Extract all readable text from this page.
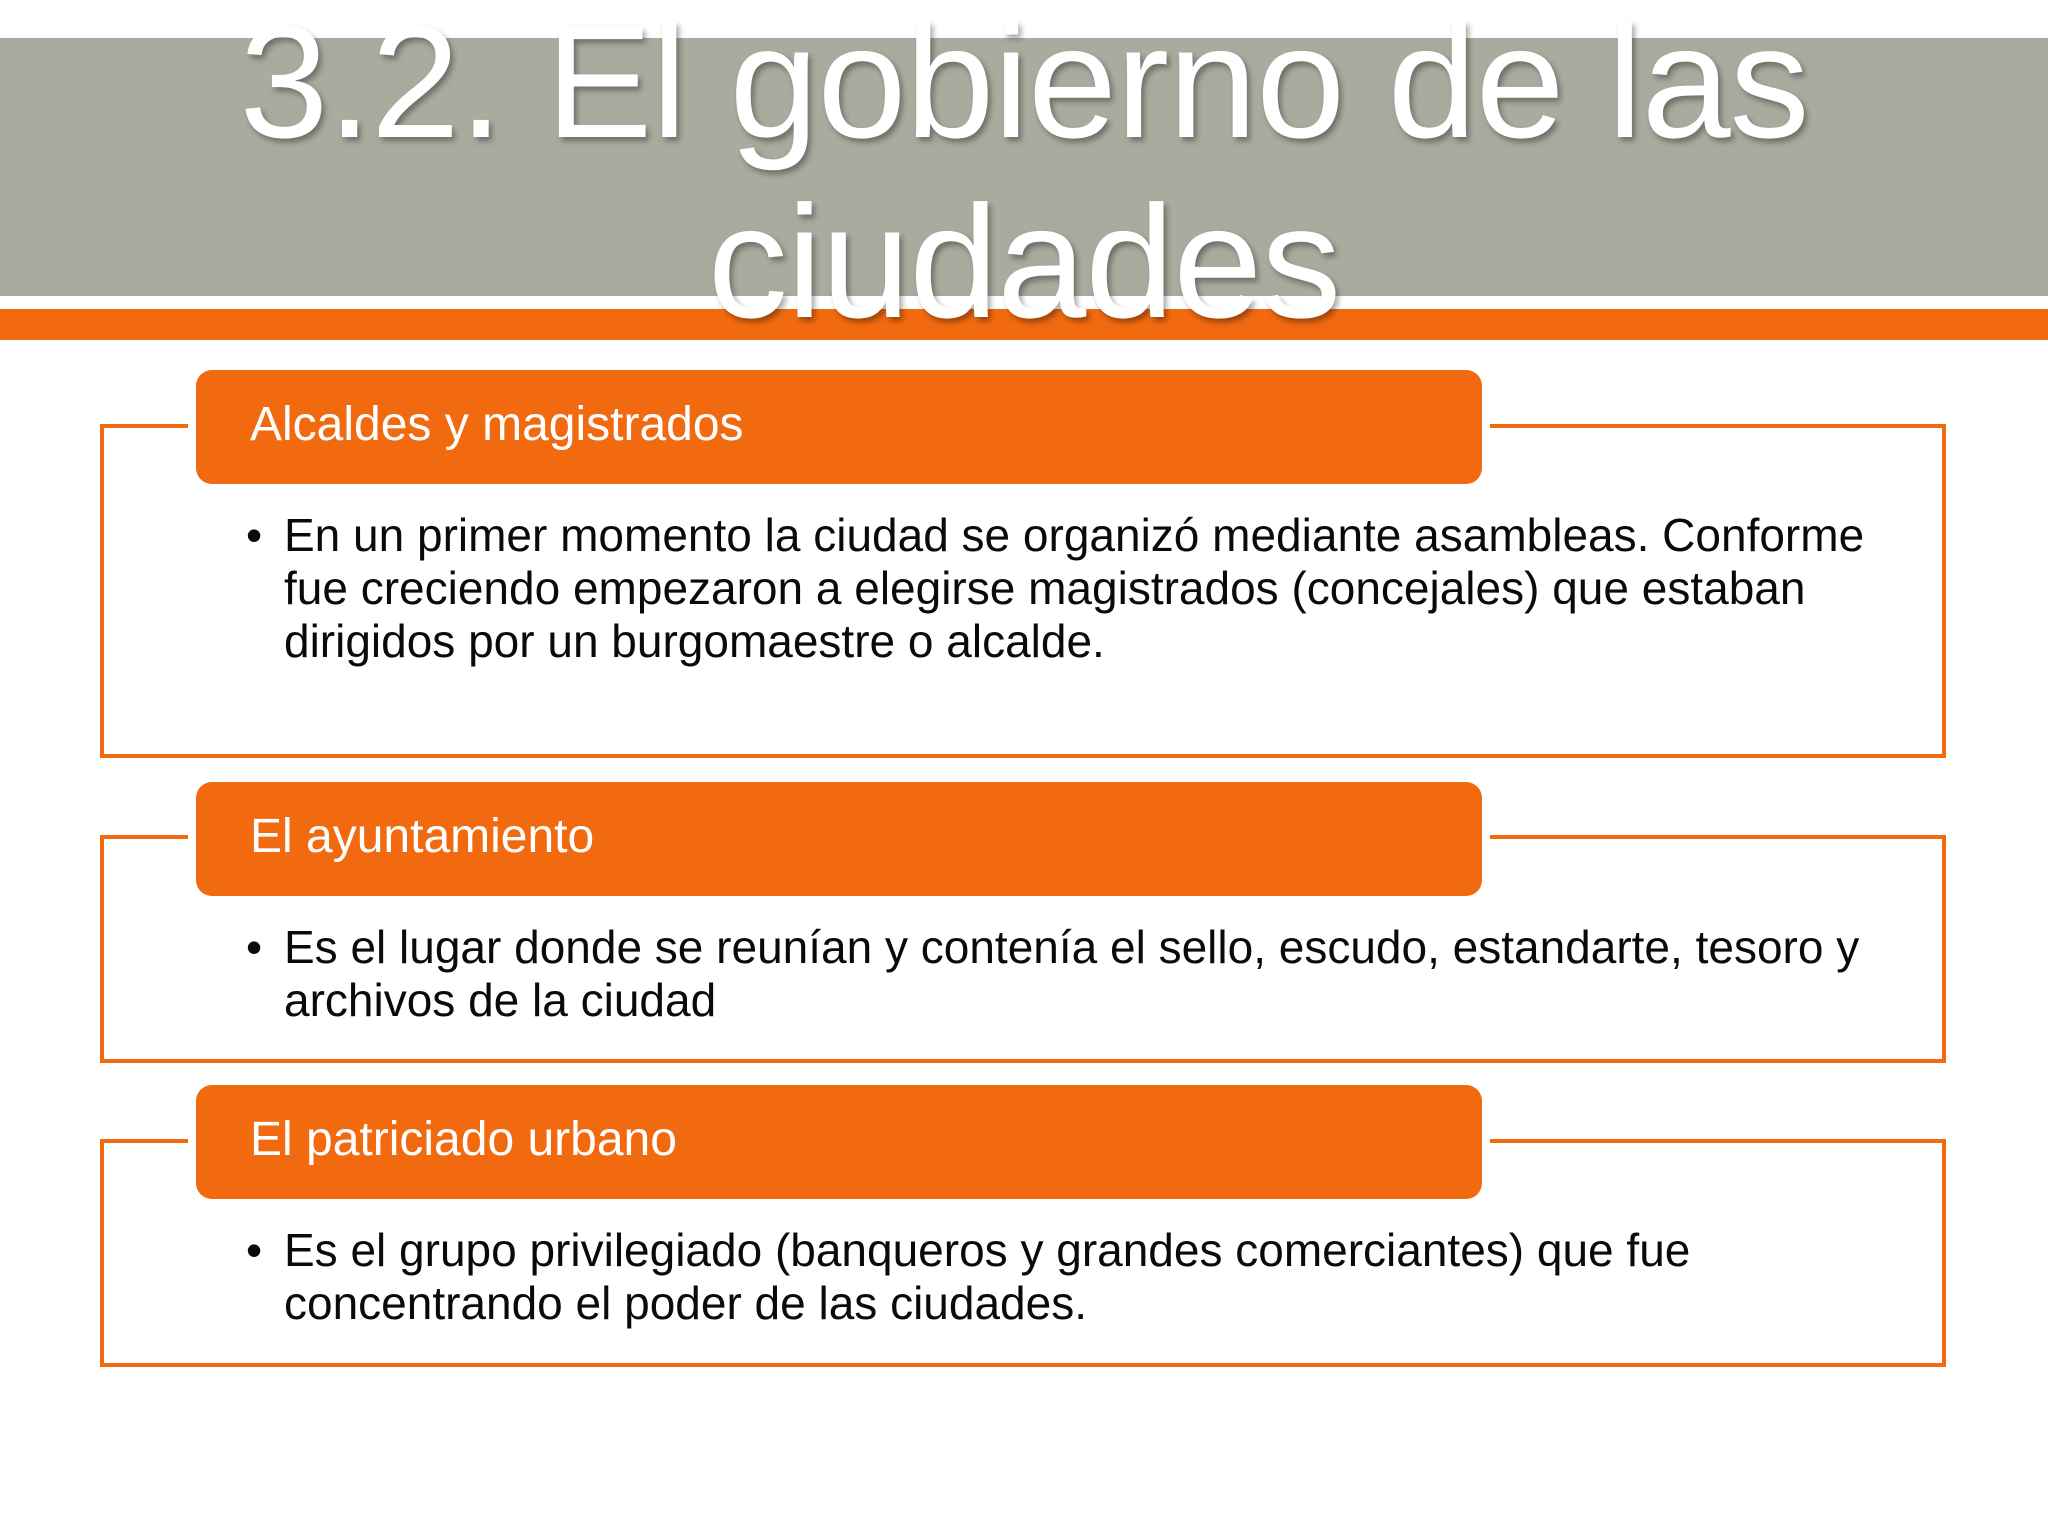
3.2. El gobierno de las ciudades
Alcaldes y magistrados
• En un primer momento la ciudad se organizó mediante asambleas. Conforme fue creciendo empezaron a elegirse magistrados (concejales) que estaban dirigidos por un burgomaestre o alcalde.
El ayuntamiento
• Es el lugar donde se reunían y contenía el sello, escudo, estandarte, tesoro y archivos de la ciudad
El patriciado urbano
• Es el grupo privilegiado (banqueros y grandes comerciantes) que fue concentrando el poder de las ciudades.
